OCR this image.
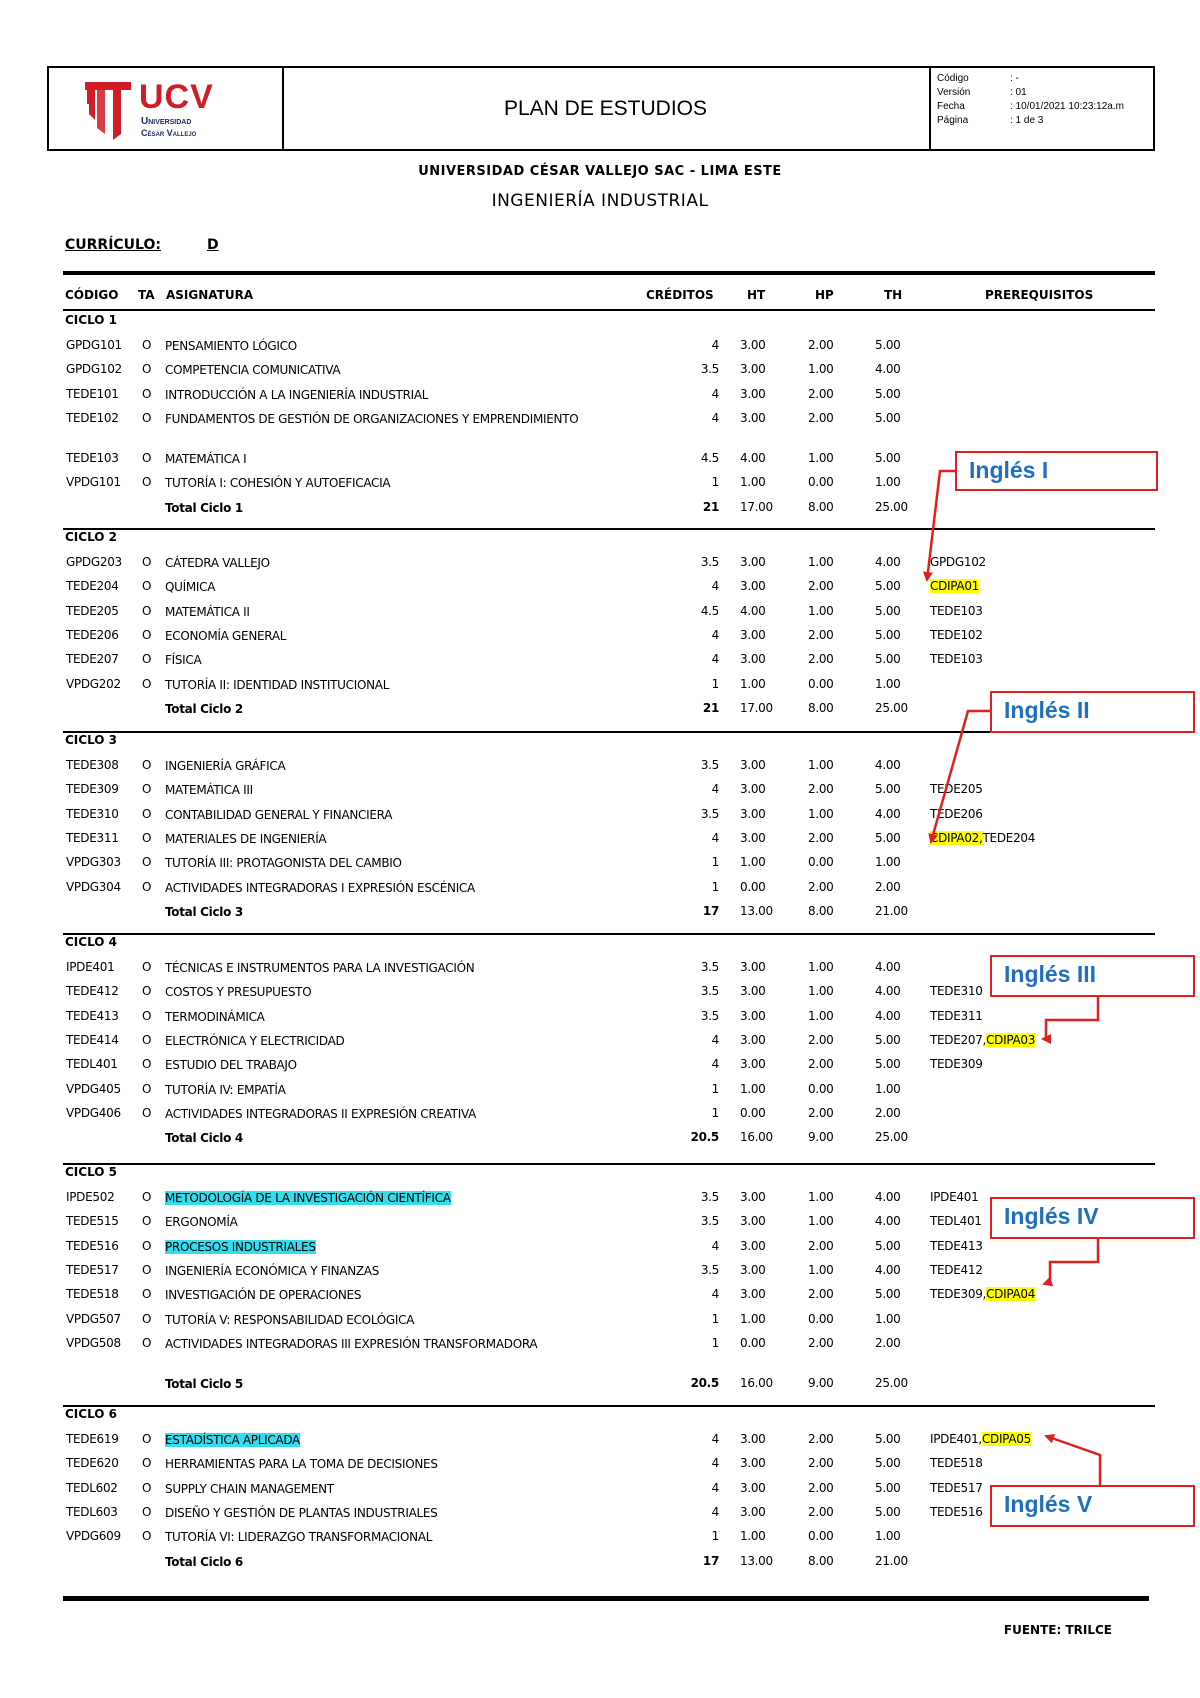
UCV
Universidad
César Vallejo
PLAN DE ESTUDIOS
Código	: -
Versión	: 01
Fecha	: 10/01/2021 10:23:12a.m
Página	: 1 de 3
UNIVERSIDAD CÉSAR VALLEJO SAC - LIMA ESTE
INGENIERÍA INDUSTRIAL
CURRÍCULO:	D
CÓDIGO TA ASIGNATURA	CRÉDITOS	HT	HP	TH	PREREQUISITOS
CICLO 1
GPDG101 O PENSAMIENTO LÓGICO	4 3.00	2.00	5.00
GPDG102 O COMPETENCIA COMUNICATIVA	3.5 3.00	1.00	4.00
TEDE101 O INTRODUCCIÓN A LA INGENIERÍA INDUSTRIAL	4 3.00	2.00	5.00
TEDE102 O FUNDAMENTOS DE GESTIÓN DE ORGANIZACIONES Y EMPRENDIMIENTO	4 3.00	2.00	5.00
TEDE103 O MATEMÁTICA I	4.5 4.00	1.00	5.00
VPDG101 O TUTORÍA I: COHESIÓN Y AUTOEFICACIA	1 1.00	0.00	1.00
Total Ciclo 1	21 17.00	8.00	25.00
CICLO 2
GPDG203 O CÁTEDRA VALLEJO	3.5 3.00	1.00	4.00 GPDG102
TEDE204 O QUÍMICA	4 3.00	2.00	5.00 CDIPA01
TEDE205 O MATEMÁTICA II	4.5 4.00	1.00	5.00 TEDE103
TEDE206 O ECONOMÍA GENERAL	4 3.00	2.00	5.00 TEDE102
TEDE207 O FÍSICA	4 3.00	2.00	5.00 TEDE103
VPDG202 O TUTORÍA II: IDENTIDAD INSTITUCIONAL	1 1.00	0.00	1.00
Total Ciclo 2	21 17.00	8.00	25.00
CICLO 3
TEDE308 O INGENIERÍA GRÁFICA	3.5 3.00	1.00	4.00
TEDE309 O MATEMÁTICA III	4 3.00	2.00	5.00 TEDE205
TEDE310 O CONTABILIDAD GENERAL Y FINANCIERA	3.5 3.00	1.00	4.00 TEDE206
TEDE311 O MATERIALES DE INGENIERÍA	4 3.00	2.00	5.00 CDIPA02,TEDE204
VPDG303 O TUTORÍA III: PROTAGONISTA DEL CAMBIO	1 1.00	0.00	1.00
VPDG304 O ACTIVIDADES INTEGRADORAS I EXPRESIÓN ESCÉNICA	1 0.00	2.00	2.00
Total Ciclo 3	17 13.00	8.00	21.00
CICLO 4
IPDE401 O TÉCNICAS E INSTRUMENTOS PARA LA INVESTIGACIÓN	3.5 3.00	1.00	4.00
TEDE412 O COSTOS Y PRESUPUESTO	3.5 3.00	1.00	4.00 TEDE310
TEDE413 O TERMODINÁMICA	3.5 3.00	1.00	4.00 TEDE311
TEDE414 O ELECTRÓNICA Y ELECTRICIDAD	4 3.00	2.00	5.00 TEDE207,CDIPA03
TEDL401 O ESTUDIO DEL TRABAJO	4 3.00	2.00	5.00 TEDE309
VPDG405 O TUTORÍA IV: EMPATÍA	1 1.00	0.00	1.00
VPDG406 O ACTIVIDADES INTEGRADORAS II EXPRESIÓN CREATIVA	1 0.00	2.00	2.00
Total Ciclo 4	20.5 16.00	9.00	25.00
CICLO 5
IPDE502 O METODOLOGÍA DE LA INVESTIGACIÓN CIENTÍFICA	3.5 3.00	1.00	4.00 IPDE401
TEDE515 O ERGONOMÍA	3.5 3.00	1.00	4.00 TEDL401
TEDE516 O PROCESOS INDUSTRIALES	4 3.00	2.00	5.00 TEDE413
TEDE517 O INGENIERÍA ECONÓMICA Y FINANZAS	3.5 3.00	1.00	4.00 TEDE412
TEDE518 O INVESTIGACIÓN DE OPERACIONES	4 3.00	2.00	5.00 TEDE309,CDIPA04
VPDG507 O TUTORÍA V: RESPONSABILIDAD ECOLÓGICA	1 1.00	0.00	1.00
VPDG508 O ACTIVIDADES INTEGRADORAS III EXPRESIÓN TRANSFORMADORA	1 0.00	2.00	2.00
Total Ciclo 5	20.5 16.00	9.00	25.00
CICLO 6
TEDE619 O ESTADÍSTICA APLICADA	4 3.00	2.00	5.00 IPDE401,CDIPA05
TEDE620 O HERRAMIENTAS PARA LA TOMA DE DECISIONES	4 3.00	2.00	5.00 TEDE518
TEDL602 O SUPPLY CHAIN MANAGEMENT	4 3.00	2.00	5.00 TEDE517
TEDL603 O DISEÑO Y GESTIÓN DE PLANTAS INDUSTRIALES	4 3.00	2.00	5.00 TEDE516
VPDG609 O TUTORÍA VI: LIDERAZGO TRANSFORMACIONAL	1 1.00	0.00	1.00
Total Ciclo 6	17 13.00	8.00	21.00
Inglés I
Inglés II
Inglés III
Inglés IV
Inglés V
FUENTE: TRILCE
